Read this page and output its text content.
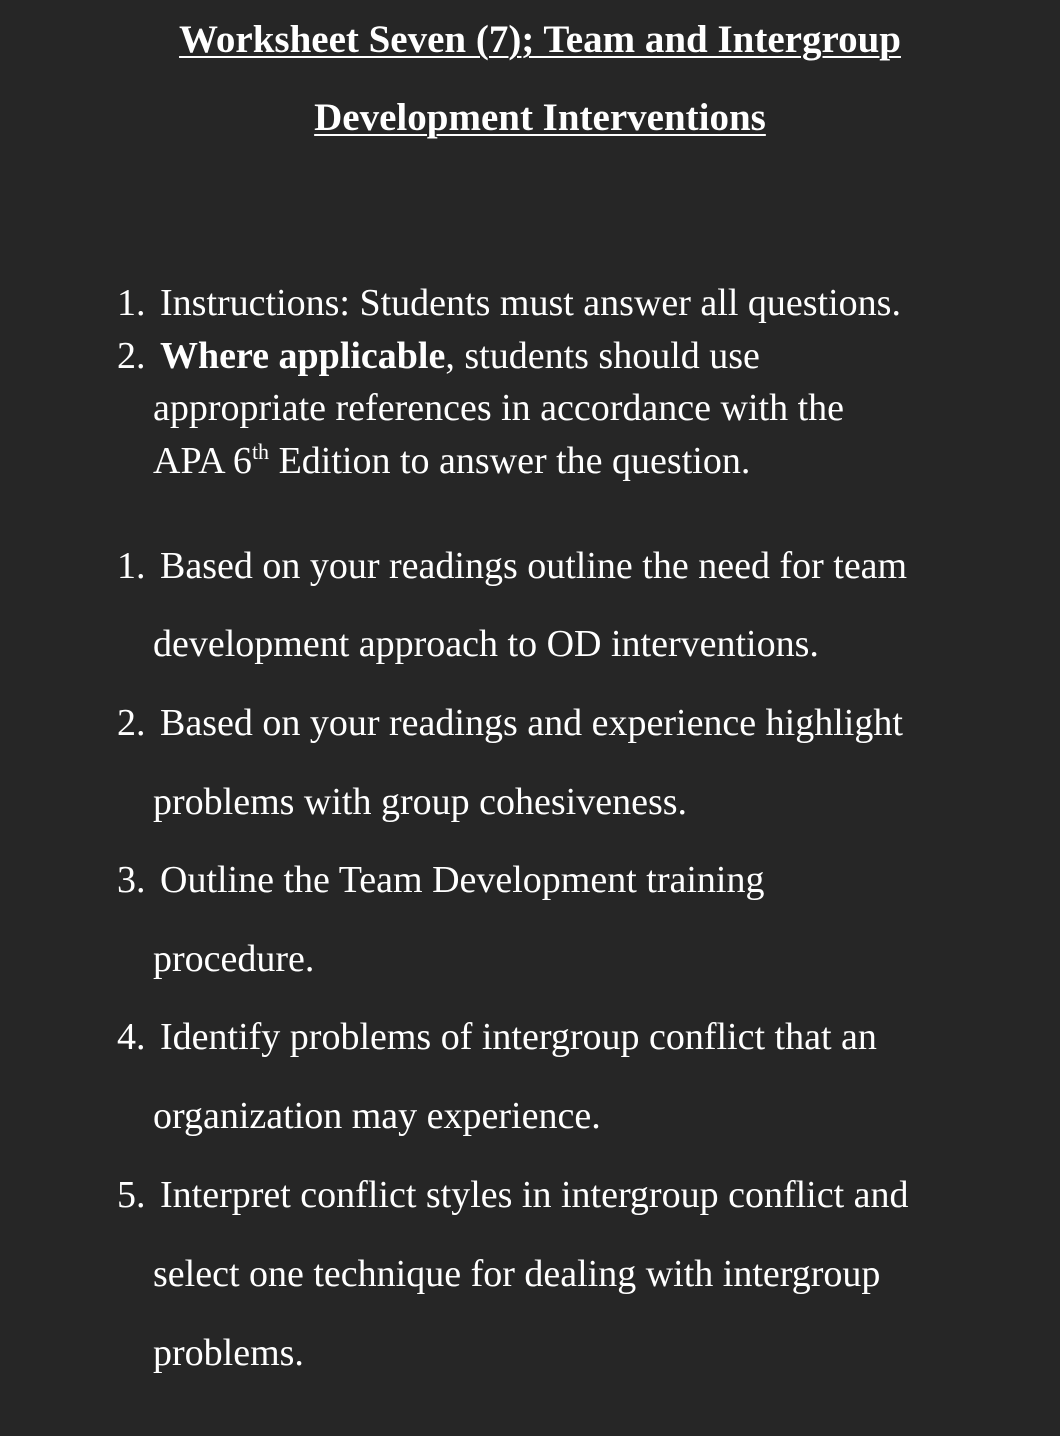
Worksheet Seven (7); Team and Intergroup
Development Interventions
1. Instructions: Students must answer all questions.
2. Where applicable, students should use
appropriate references in accordance with the
APA 6th Edition to answer the question.
1. Based on your readings outline the need for team
development approach to OD interventions.
2. Based on your readings and experience highlight
problems with group cohesiveness.
3. Outline the Team Development training
procedure.
4. Identify problems of intergroup conflict that an
organization may experience.
5. Interpret conflict styles in intergroup conflict and
select one technique for dealing with intergroup
problems.
